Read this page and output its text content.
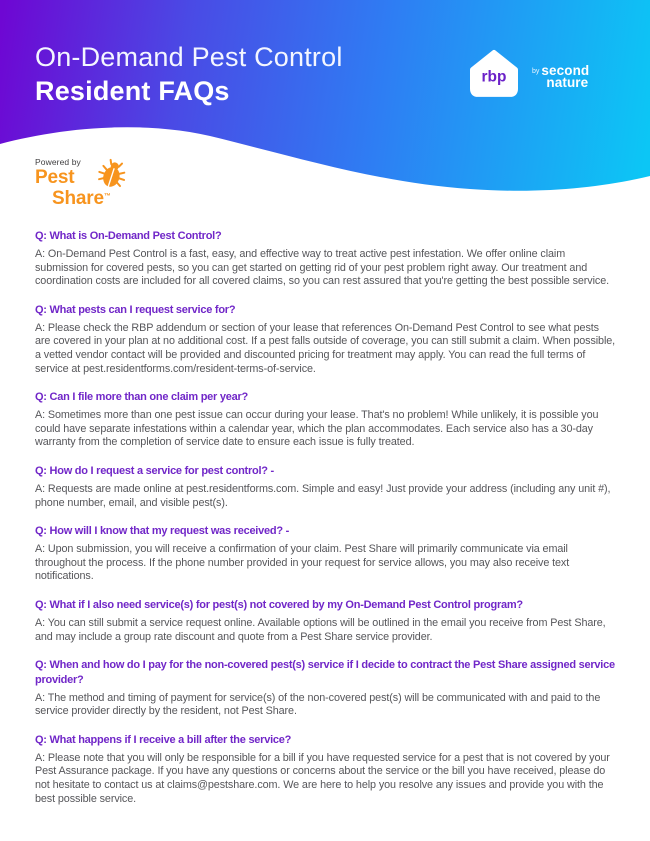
On-Demand Pest Control
Resident FAQs	rbp	by second
nature
Powered by
Pest
Share™
Q: What is On-Demand Pest Control?
A: On-Demand Pest Control is a fast, easy, and effective way to treat active pest infestation. We offer online claim submission for covered pests, so you can get started on getting rid of your pest problem right away. Our treatment and coordination costs are included for all covered claims, so you can rest assured that you're getting the best possible service.
Q: What pests can I request service for?
A: Please check the RBP addendum or section of your lease that references On-Demand Pest Control to see what pests are covered in your plan at no additional cost. If a pest falls outside of coverage, you can still submit a claim. When possible, a vetted vendor contact will be provided and discounted pricing for treatment may apply. You can read the full terms of service at pest.residentforms.com/resident-terms-of-service.
Q: Can I file more than one claim per year?
A: Sometimes more than one pest issue can occur during your lease. That's no problem! While unlikely, it is possible you could have separate infestations within a calendar year, which the plan accommodates. Each service also has a 30-day warranty from the completion of service date to ensure each issue is fully treated.
Q: How do I request a service for pest control? -
A: Requests are made online at pest.residentforms.com. Simple and easy! Just provide your address (including any unit #), phone number, email, and visible pest(s).
Q: How will I know that my request was received? -
A: Upon submission, you will receive a confirmation of your claim. Pest Share will primarily communicate via email throughout the process. If the phone number provided in your request for service allows, you may also receive text notifications.
Q: What if I also need service(s) for pest(s) not covered by my On-Demand Pest Control program?
A: You can still submit a service request online. Available options will be outlined in the email you receive from Pest Share, and may include a group rate discount and quote from a Pest Share service provider.
Q: When and how do I pay for the non-covered pest(s) service if I decide to contract the Pest Share assigned service provider?
A: The method and timing of payment for service(s) of the non-covered pest(s) will be communicated with and paid to the service provider directly by the resident, not Pest Share.
Q: What happens if I receive a bill after the service?
A: Please note that you will only be responsible for a bill if you have requested service for a pest that is not covered by your Pest Assurance package. If you have any questions or concerns about the service or the bill you have received, please do not hesitate to contact us at claims@pestshare.com. We are here to help you resolve any issues and provide you with the best possible service.
